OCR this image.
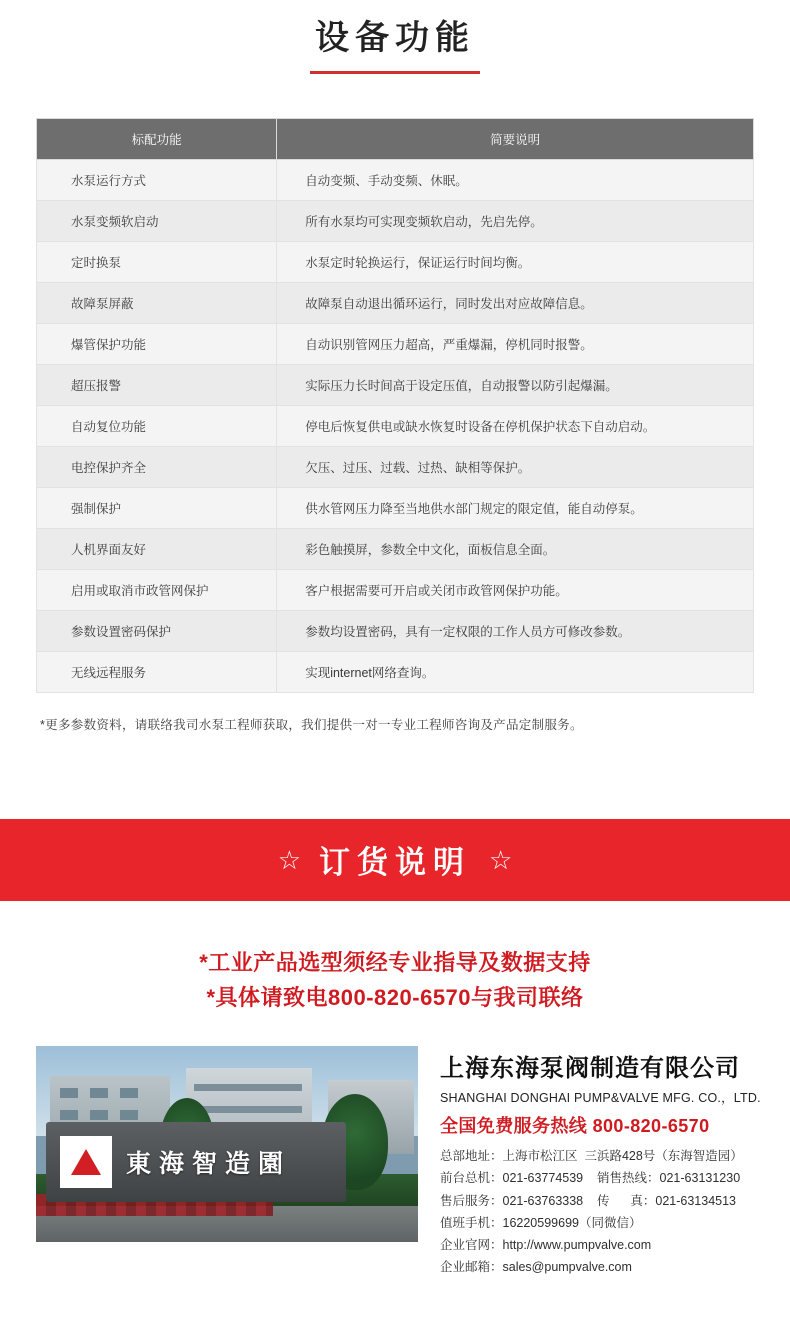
设备功能
标配功能	简要说明
水泵运行方式	自动变频、手动变频、休眠。
水泵变频软启动	所有水泵均可实现变频软启动，先启先停。
定时换泵	水泵定时轮换运行，保证运行时间均衡。
故障泵屏蔽	故障泵自动退出循环运行，同时发出对应故障信息。
爆管保护功能	自动识别管网压力超高，严重爆漏，停机同时报警。
超压报警	实际压力长时间高于设定压值，自动报警以防引起爆漏。
自动复位功能	停电后恢复供电或缺水恢复时设备在停机保护状态下自动启动。
电控保护齐全	欠压、过压、过载、过热、缺相等保护。
强制保护	供水管网压力降至当地供水部门规定的限定值，能自动停泵。
人机界面友好	彩色触摸屏，参数全中文化，面板信息全面。
启用或取消市政管网保护	客户根据需要可开启或关闭市政管网保护功能。
参数设置密码保护	参数均设置密码，具有一定权限的工作人员方可修改参数。
无线远程服务	实现internet网络查询。
*更多参数资料，请联络我司水泵工程师获取，我们提供一对一专业工程师咨询及产品定制服务。
☆ 订货说明 ☆
*工业产品选型须经专业指导及数据支持
*具体请致电800-820-6570与我司联络
東海智造園
上海东海泵阀制造有限公司
SHANGHAI DONGHAI PUMP&VALVE MFG. CO.，LTD.
全国免费服务热线 800-820-6570
总部地址：上海市松江区  三浜路428号（东海智造园）
前台总机：021-63774539    销售热线：021-63131230
售后服务：021-63763338    传      真：021-63134513
值班手机：16220599699（同微信）
企业官网：http://www.pumpvalve.com
企业邮箱：sales@pumpvalve.com
